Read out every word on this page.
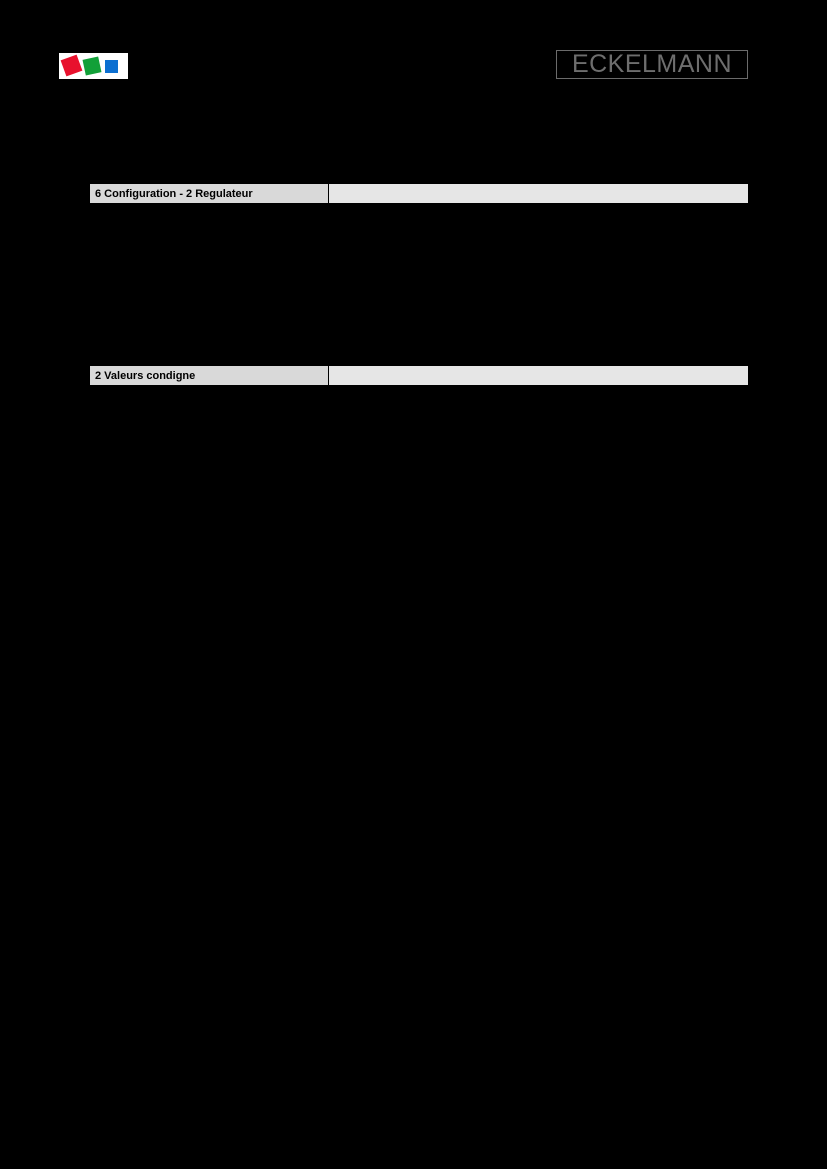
ECKELMANN
6 Configuration - 2 Regulateur
2 Valeurs condigne
